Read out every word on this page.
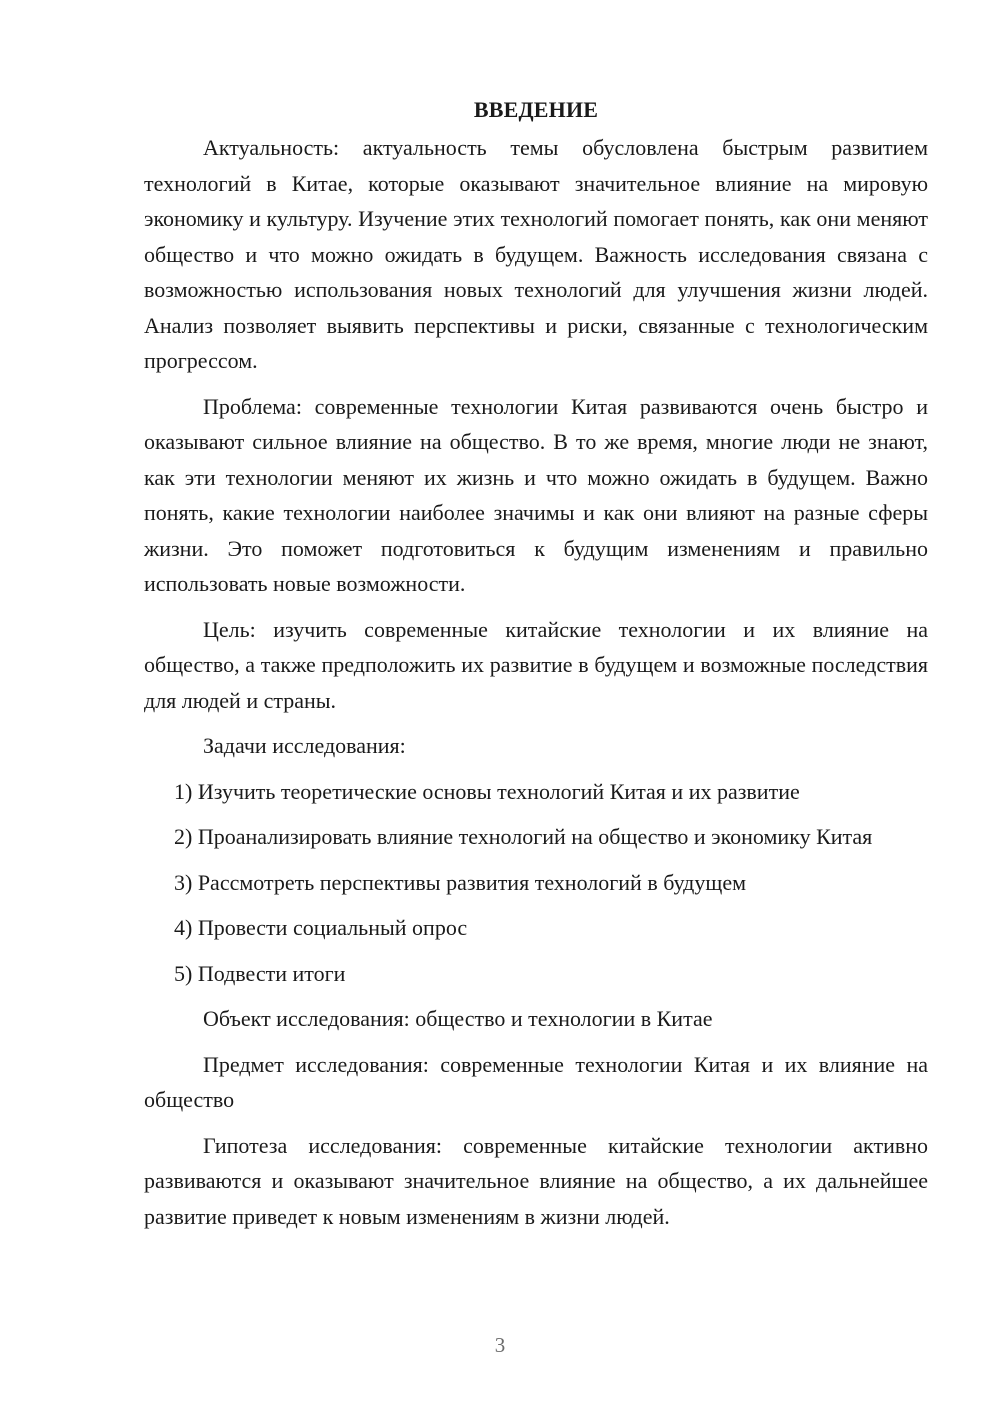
ВВЕДЕНИЕ

Актуальность: актуальность темы обусловлена быстрым развитием технологий в Китае, которые оказывают значительное влияние на мировую экономику и культуру. Изучение этих технологий помогает понять, как они меняют общество и что можно ожидать в будущем. Важность исследования связана с возможностью использования новых технологий для улучшения жизни людей. Анализ позволяет выявить перспективы и риски, связанные с технологическим прогрессом.

Проблема: современные технологии Китая развиваются очень быстро и оказывают сильное влияние на общество. В то же время, многие люди не знают, как эти технологии меняют их жизнь и что можно ожидать в будущем. Важно понять, какие технологии наиболее значимы и как они влияют на разные сферы жизни. Это поможет подготовиться к будущим изменениям и правильно использовать новые возможности.

Цель: изучить современные китайские технологии и их влияние на общество, а также предположить их развитие в будущем и возможные последствия для людей и страны.

Задачи исследования:

1) Изучить теоретические основы технологий Китая и их развитие

2) Проанализировать влияние технологий на общество и экономику Китая

3) Рассмотреть перспективы развития технологий в будущем

4) Провести социальный опрос

5) Подвести итоги

Объект исследования: общество и технологии в Китае

Предмет исследования: современные технологии Китая и их влияние на общество

Гипотеза исследования: современные китайские технологии активно развиваются и оказывают значительное влияние на общество, а их дальнейшее развитие приведет к новым изменениям в жизни людей.

3
